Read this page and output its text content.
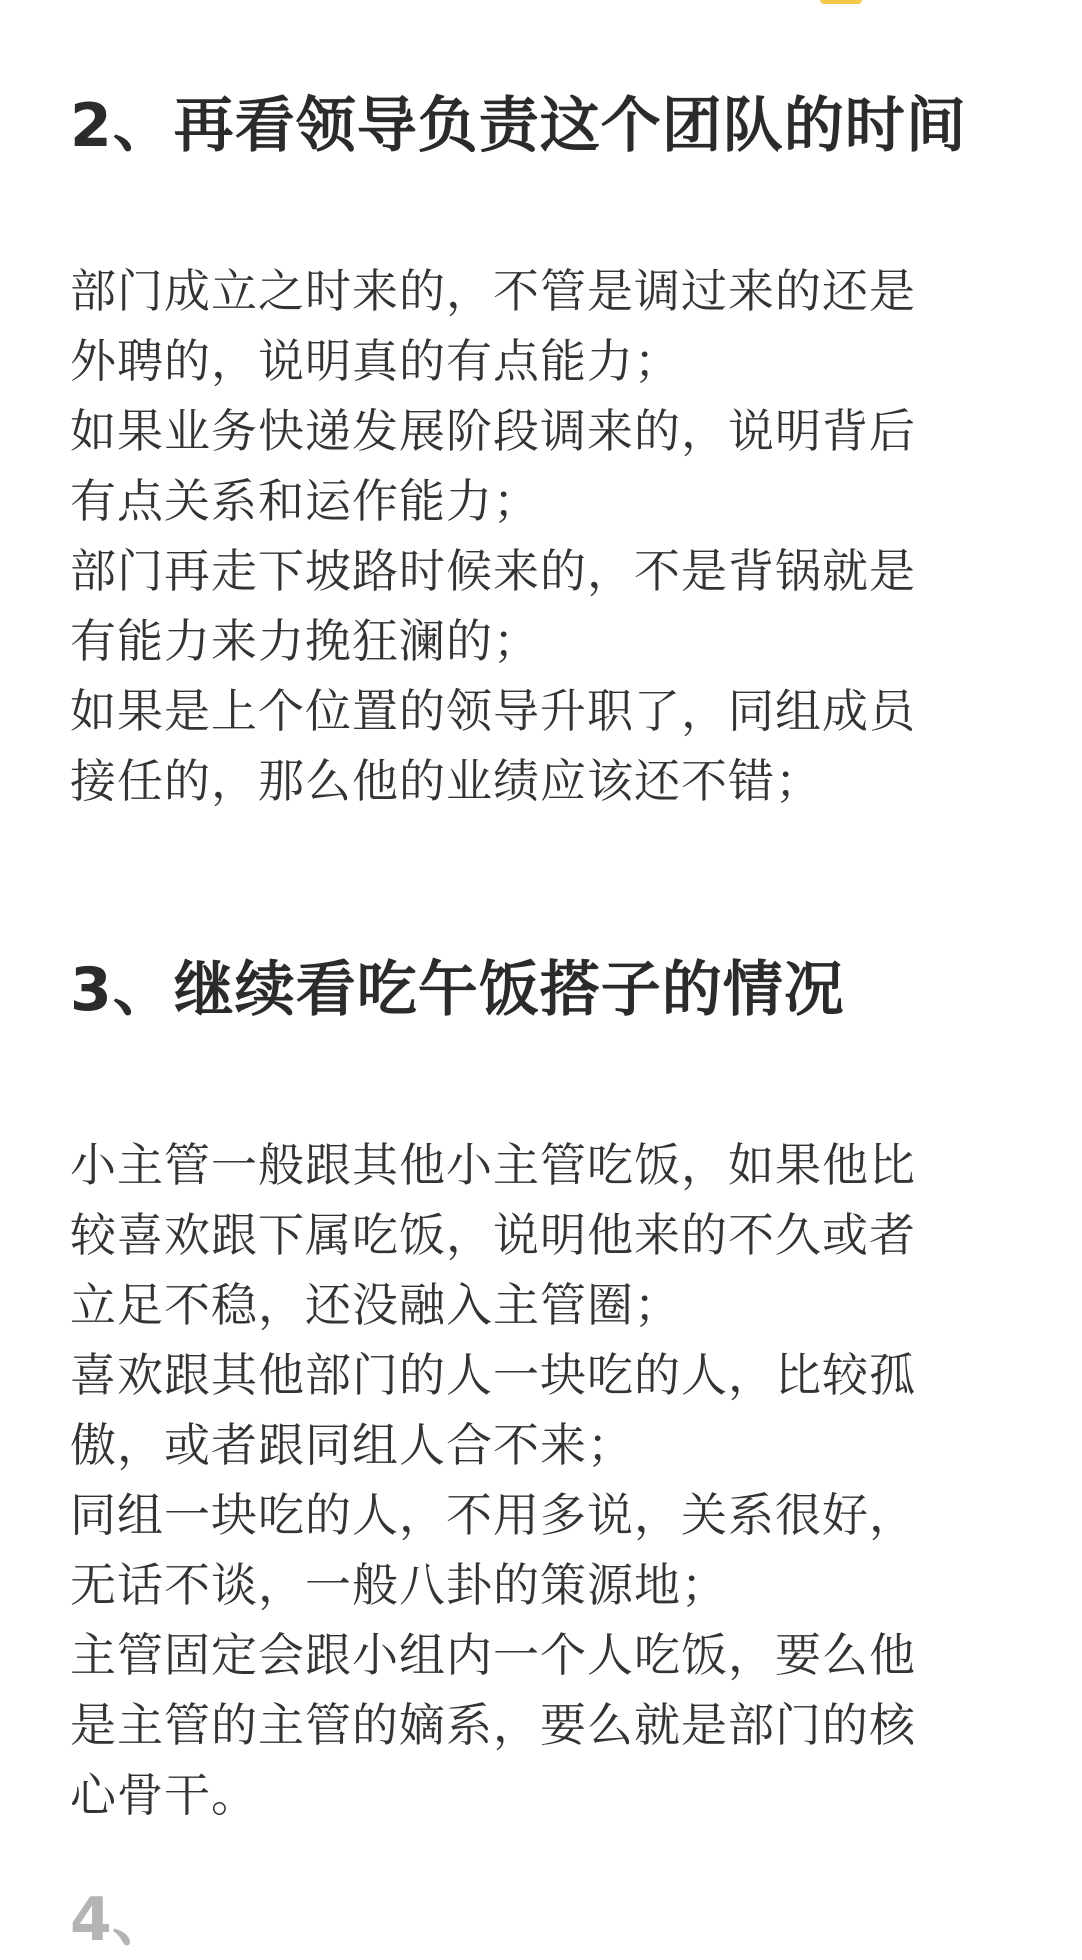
2、再看领导负责这个团队的时间

部门成立之时来的，不管是调过来的还是
外聘的，说明真的有点能力；
如果业务快递发展阶段调来的，说明背后
有点关系和运作能力；
部门再走下坡路时候来的，不是背锅就是
有能力来力挽狂澜的；
如果是上个位置的领导升职了，同组成员
接任的，那么他的业绩应该还不错；

3、继续看吃午饭搭子的情况

小主管一般跟其他小主管吃饭，如果他比
较喜欢跟下属吃饭，说明他来的不久或者
立足不稳，还没融入主管圈；
喜欢跟其他部门的人一块吃的人，比较孤
傲，或者跟同组人合不来；
同组一块吃的人，不用多说，关系很好，
无话不谈，一般八卦的策源地；
主管固定会跟小组内一个人吃饭，要么他
是主管的主管的嫡系，要么就是部门的核
心骨干。

4、
